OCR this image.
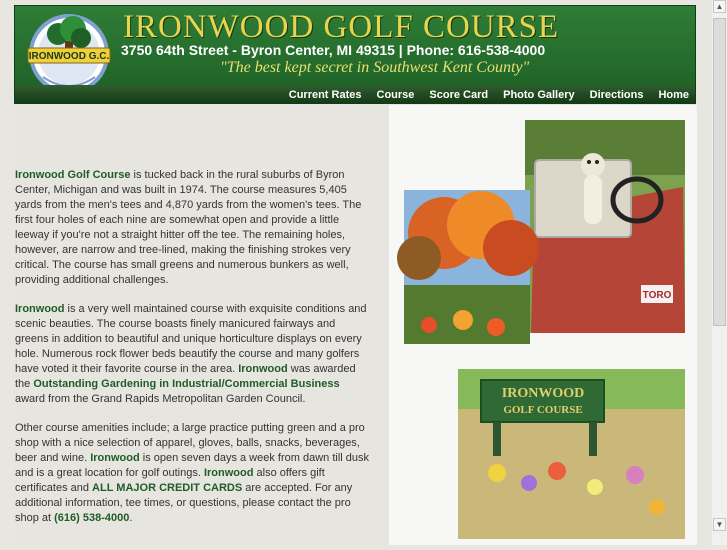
IRONWOOD G.C.
IRONWOOD GOLF COURSE
3750 64th Street - Byron Center, MI 49315 | Phone: 616-538-4000
"The best kept secret in Southwest Kent County"
Current Rates Course Score Card Photo Gallery Directions Home

Ironwood Golf Course is tucked back in the rural suburbs of Byron Center, Michigan and was built in 1974. The course measures 5,405 yards from the men's tees and 4,870 yards from the women's tees. The first four holes of each nine are somewhat open and provide a little leeway if you're not a straight hitter off the tee. The remaining holes, however, are narrow and tree-lined, making the finishing strokes very critical. The course has small greens and numerous bunkers as well, providing additional challenges.

Ironwood is a very well maintained course with exquisite conditions and scenic beauties. The course boasts finely manicured fairways and greens in addition to beautiful and unique horticulture displays on every hole. Numerous rock flower beds beautify the course and many golfers have voted it their favorite course in the area. Ironwood was awarded the Outstanding Gardening in Industrial/Commercial Business award from the Grand Rapids Metropolitan Garden Council.

Other course amenities include; a large practice putting green and a pro shop with a nice selection of apparel, gloves, balls, snacks, beverages, beer and wine. Ironwood is open seven days a week from dawn till dusk and is a great location for golf outings. Ironwood also offers gift certificates and ALL MAJOR CREDIT CARDS are accepted. For any additional information, tee times, or questions, please contact the pro shop at (616) 538-4000.

TORO
IRONWOOD
GOLF COURSE
▲
▼
